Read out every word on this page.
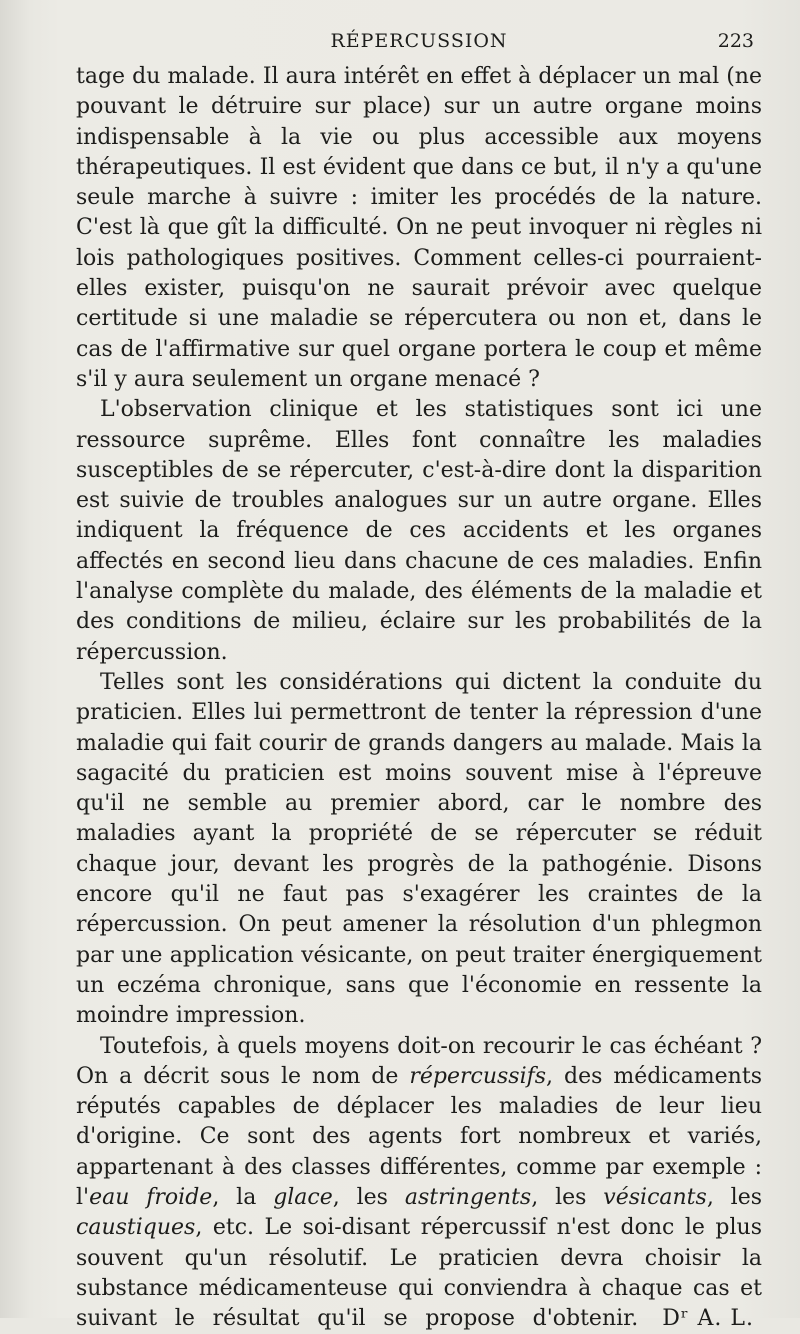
RÉPERCUSSION	223

tage du malade. Il aura intérêt en effet à déplacer un mal (ne pouvant le détruire sur place) sur un autre organe moins indispensable à la vie ou plus accessible aux moyens thérapeutiques. Il est évident que dans ce but, il n'y a qu'une seule marche à suivre : imiter les procédés de la nature. C'est là que gît la difficulté. On ne peut invoquer ni règles ni lois pathologiques positives. Comment celles-ci pourraient-elles exister, puisqu'on ne saurait prévoir avec quelque certitude si une maladie se répercutera ou non et, dans le cas de l'affirmative sur quel organe portera le coup et même s'il y aura seulement un organe menacé ?

L'observation clinique et les statistiques sont ici une ressource suprême. Elles font connaître les maladies susceptibles de se répercuter, c'est-à-dire dont la disparition est suivie de troubles analogues sur un autre organe. Elles indiquent la fréquence de ces accidents et les organes affectés en second lieu dans chacune de ces maladies. Enfin l'analyse complète du malade, des éléments de la maladie et des conditions de milieu, éclaire sur les probabilités de la répercussion.

Telles sont les considérations qui dictent la conduite du praticien. Elles lui permettront de tenter la répression d'une maladie qui fait courir de grands dangers au malade. Mais la sagacité du praticien est moins souvent mise à l'épreuve qu'il ne semble au premier abord, car le nombre des maladies ayant la propriété de se répercuter se réduit chaque jour, devant les progrès de la pathogénie. Disons encore qu'il ne faut pas s'exagérer les craintes de la répercussion. On peut amener la résolution d'un phlegmon par une application vésicante, on peut traiter énergiquement un eczéma chronique, sans que l'économie en ressente la moindre impression.

Toutefois, à quels moyens doit-on recourir le cas échéant ? On a décrit sous le nom de répercussifs, des médicaments réputés capables de déplacer les maladies de leur lieu d'origine. Ce sont des agents fort nombreux et variés, appartenant à des classes différentes, comme par exemple : l'eau froide, la glace, les astringents, les vésicants, les caustiques, etc. Le soi-disant répercussif n'est donc le plus souvent qu'un résolutif. Le praticien devra choisir la substance médicamenteuse qui conviendra à chaque cas et suivant le résultat qu'il se propose d'obtenir.	Dʳ A. L.
